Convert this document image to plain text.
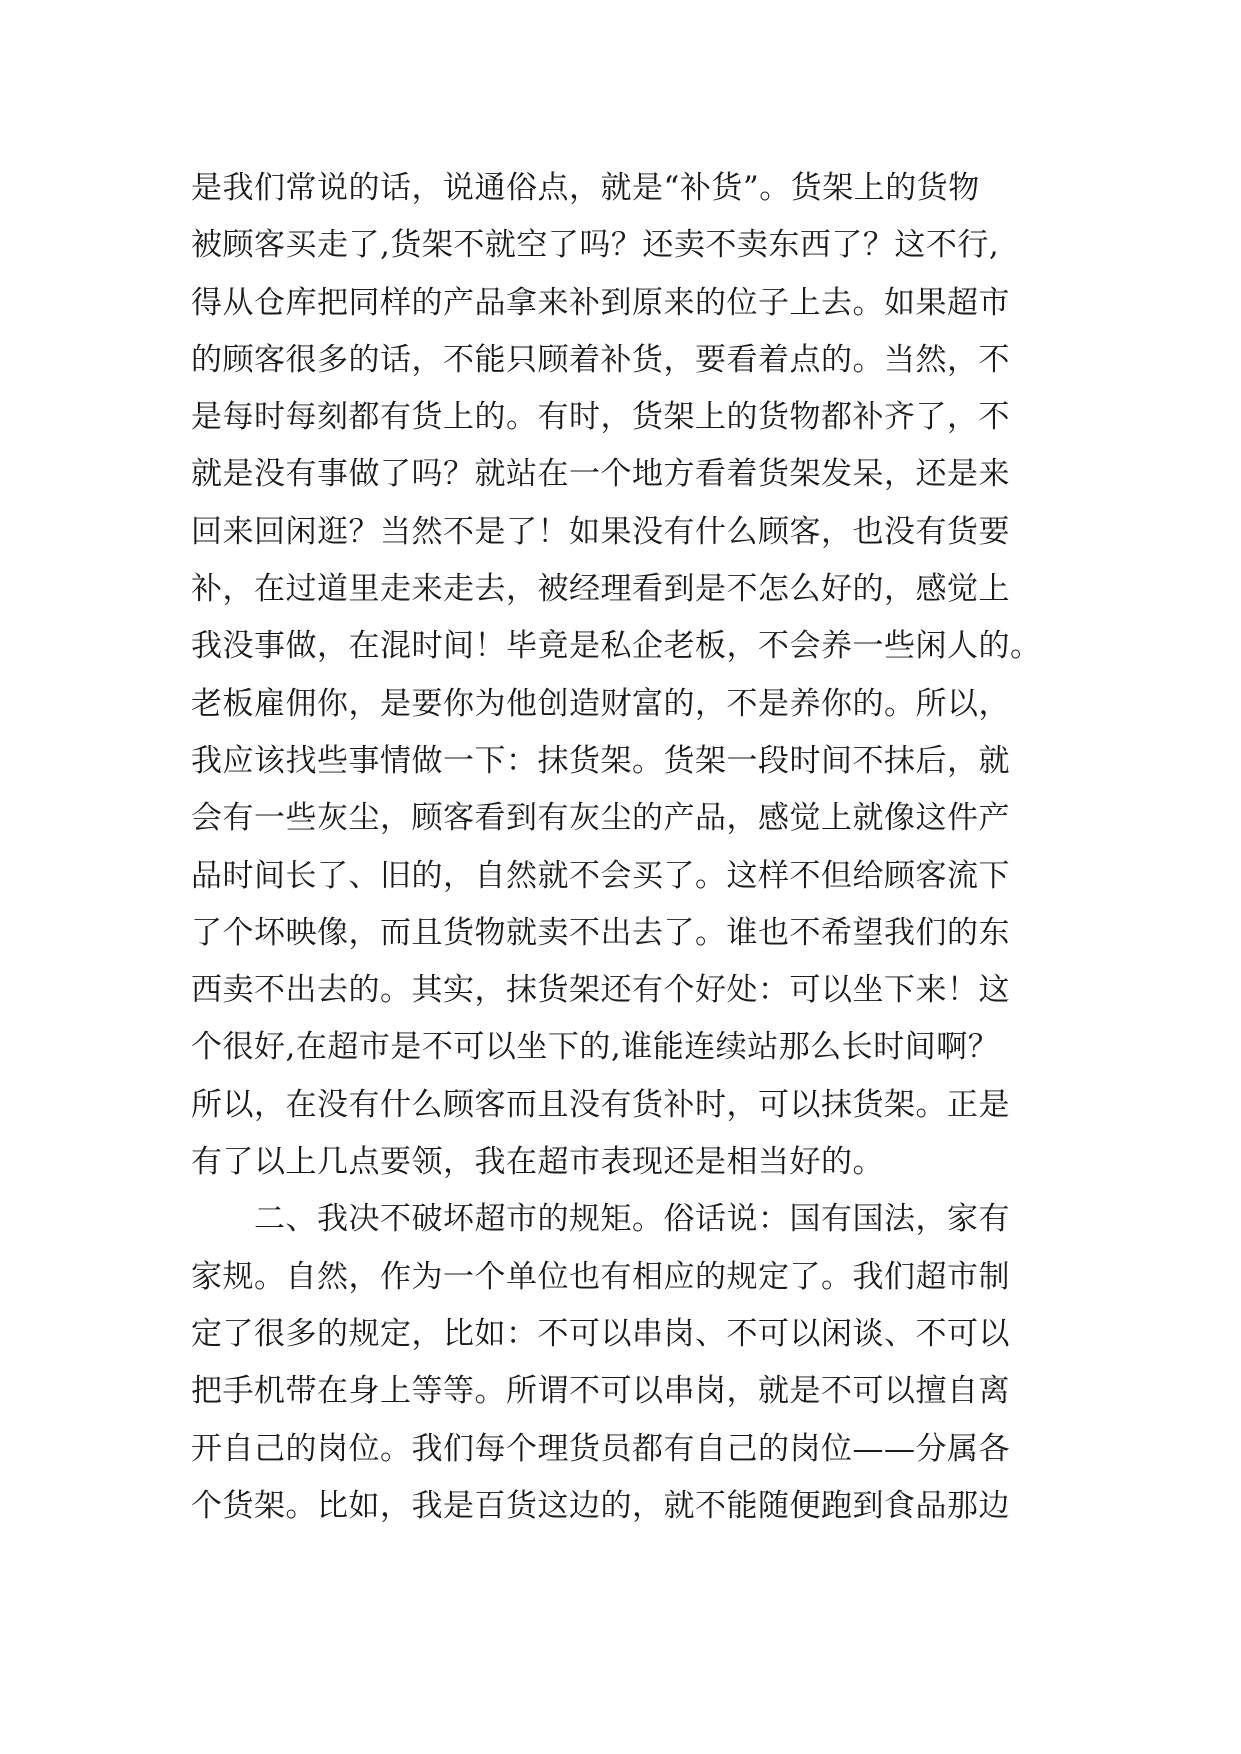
是我们常说的话，说通俗点，就是“补货”。货架上的货物
被顾客买走了,货架不就空了吗？还卖不卖东西了？这不行,
得从仓库把同样的产品拿来补到原来的位子上去。如果超市
的顾客很多的话，不能只顾着补货，要看着点的。当然，不
是每时每刻都有货上的。有时，货架上的货物都补齐了，不
就是没有事做了吗？就站在一个地方看着货架发呆，还是来
回来回闲逛？当然不是了！如果没有什么顾客，也没有货要
补，在过道里走来走去，被经理看到是不怎么好的，感觉上
我没事做，在混时间！毕竟是私企老板，不会养一些闲人的。
老板雇佣你，是要你为他创造财富的，不是养你的。所以，
我应该找些事情做一下：抹货架。货架一段时间不抹后，就
会有一些灰尘，顾客看到有灰尘的产品，感觉上就像这件产
品时间长了、旧的，自然就不会买了。这样不但给顾客流下
了个坏映像，而且货物就卖不出去了。谁也不希望我们的东
西卖不出去的。其实，抹货架还有个好处：可以坐下来！这
个很好,在超市是不可以坐下的,谁能连续站那么长时间啊？
所以，在没有什么顾客而且没有货补时，可以抹货架。正是
有了以上几点要领，我在超市表现还是相当好的。
二、我决不破坏超市的规矩。俗话说：国有国法，家有
家规。自然，作为一个单位也有相应的规定了。我们超市制
定了很多的规定，比如：不可以串岗、不可以闲谈、不可以
把手机带在身上等等。所谓不可以串岗，就是不可以擅自离
开自己的岗位。我们每个理货员都有自己的岗位——分属各
个货架。比如，我是百货这边的，就不能随便跑到食品那边
